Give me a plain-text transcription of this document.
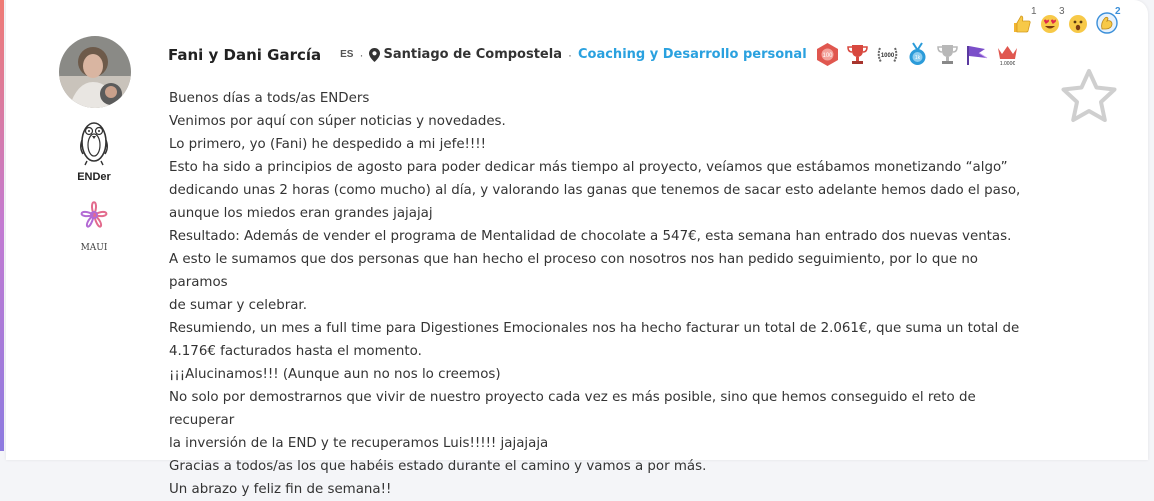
ENDer
MAUI
Fani y Dani García ES · Santiago de Compostela · Coaching y Desarrollo personal	100	1000	1k
1.000€
$^1$ $^3$	2

Buenos días a tods/as ENDers

Venimos por aquí con súper noticias y novedades.

Lo primero, yo (Fani) he despedido a mi jefe!!!!

Esto ha sido a principios de agosto para poder dedicar más tiempo al proyecto, veíamos que estábamos monetizando “algo”

dedicando unas 2 horas (como mucho) al día, y valorando las ganas que tenemos de sacar esto adelante hemos dado el paso,

aunque los miedos eran grandes jajajaj

Resultado: Además de vender el programa de Mentalidad de chocolate a 547€, esta semana han entrado dos nuevas ventas.

A esto le sumamos que dos personas que han hecho el proceso con nosotros nos han pedido seguimiento, por lo que no paramos

de sumar y celebrar.

Resumiendo, un mes a full time para Digestiones Emocionales nos ha hecho facturar un total de 2.061€, que suma un total de

4.176€ facturados hasta el momento.

¡¡¡Alucinamos!!! (Aunque aun no nos lo creemos)

No solo por demostrarnos que vivir de nuestro proyecto cada vez es más posible, sino que hemos conseguido el reto de recuperar

la inversión de la END y te recuperamos Luis!!!!! jajajaja

Gracias a todos/as los que habéis estado durante el camino y vamos a por más.

Un abrazo y feliz fin de semana!!
